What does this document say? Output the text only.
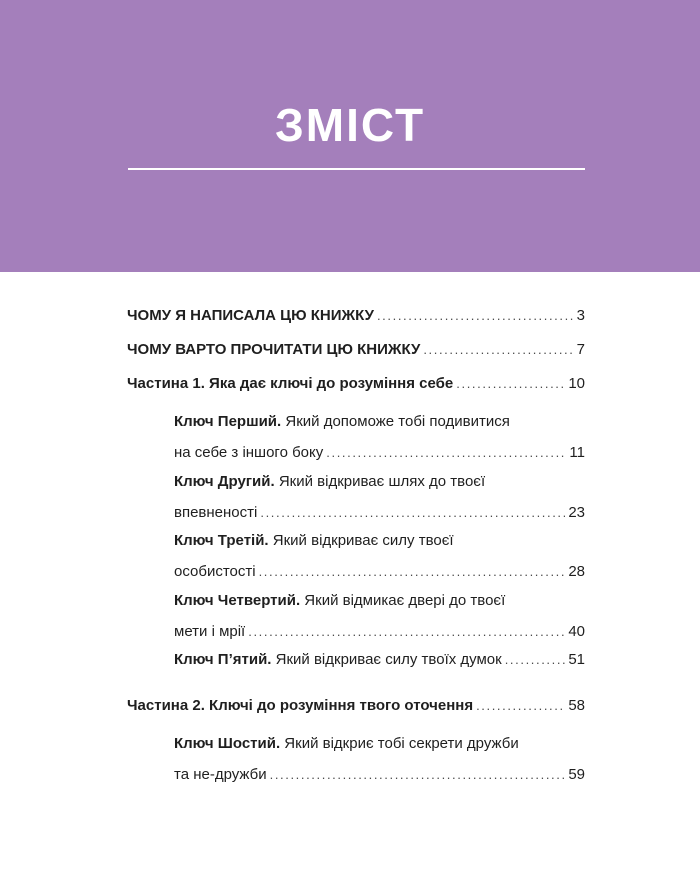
ЗМІСТ
ЧОМУ Я НАПИСАЛА ЦЮ КНИЖКУ .....	3
ЧОМУ ВАРТО ПРОЧИТАТИ ЦЮ КНИЖКУ .....	7
Частина 1. Яка дає ключі до розуміння себе .....	10
Ключ Перший. Який допоможе тобі подивитися
на себе з іншого боку .....	11
Ключ Другий. Який відкриває шлях до твоєї
впевненості .....	23
Ключ Третій. Який відкриває силу твоєї
особистості .....	28
Ключ Четвертий. Який відмикає двері до твоєї
мети і мрії .....	40
Ключ П’ятий. Який відкриває силу твоїх думок .....	51
Частина 2. Ключі до розуміння твого оточення .....	58
Ключ Шостий. Який відкриє тобі секрети дружби
та не-дружби .....	59
